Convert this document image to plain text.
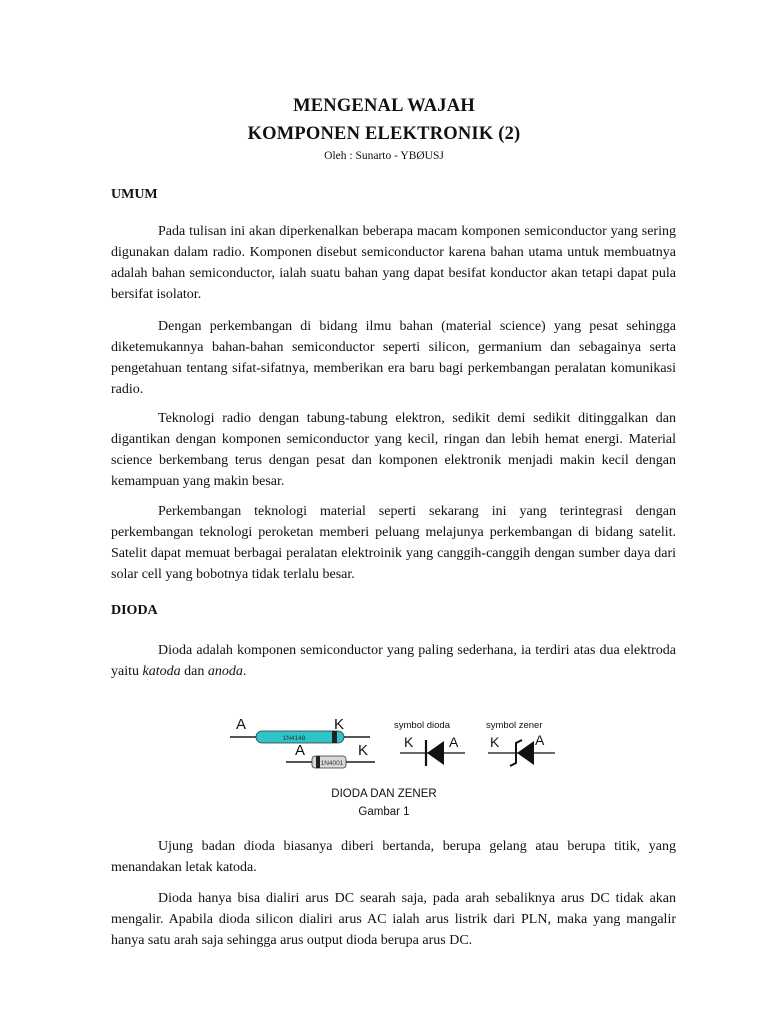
MENGENAL WAJAH
KOMPONEN ELEKTRONIK (2)
Oleh : Sunarto - YBØUSJ
UMUM

Pada tulisan ini akan diperkenalkan beberapa macam komponen semiconductor yang sering digunakan dalam radio. Komponen disebut semiconductor karena bahan utama untuk membuatnya adalah bahan semiconductor, ialah suatu bahan yang dapat besifat konductor akan tetapi dapat pula bersifat isolator.

Dengan perkembangan di bidang ilmu bahan (material science) yang pesat sehingga diketemukannya bahan-bahan semiconductor seperti silicon, germanium dan sebagainya serta pengetahuan tentang sifat-sifatnya, memberikan era baru bagi perkembangan peralatan komunikasi radio.

Teknologi radio dengan tabung-tabung elektron, sedikit demi sedikit ditinggalkan dan digantikan dengan komponen semiconductor yang kecil, ringan dan lebih hemat energi. Material science berkembang terus dengan pesat dan komponen elektronik menjadi makin kecil dengan kemampuan yang makin besar.

Perkembangan teknologi material seperti sekarang ini yang terintegrasi dengan perkembangan teknologi peroketan memberi peluang melajunya perkembangan di bidang satelit. Satelit dapat memuat berbagai peralatan elektroinik yang canggih-canggih dengan sumber daya dari solar cell yang bobotnya tidak terlalu besar.

DIODA

Dioda adalah komponen semiconductor yang paling sederhana, ia terdiri atas dua elektroda yaitu katoda dan anoda.

1N4148
A	K
1N4001
A	K
symbol dioda
K	A
symbol zener
K	A
DIODA DAN ZENER
Gambar 1

Ujung badan dioda biasanya diberi bertanda, berupa gelang atau berupa titik, yang menandakan letak katoda.

Dioda hanya bisa dialiri arus DC searah saja, pada arah sebaliknya arus DC tidak akan mengalir. Apabila dioda silicon dialiri arus AC ialah arus listrik dari PLN, maka yang mangalir hanya satu arah saja sehingga arus output dioda berupa arus DC.
